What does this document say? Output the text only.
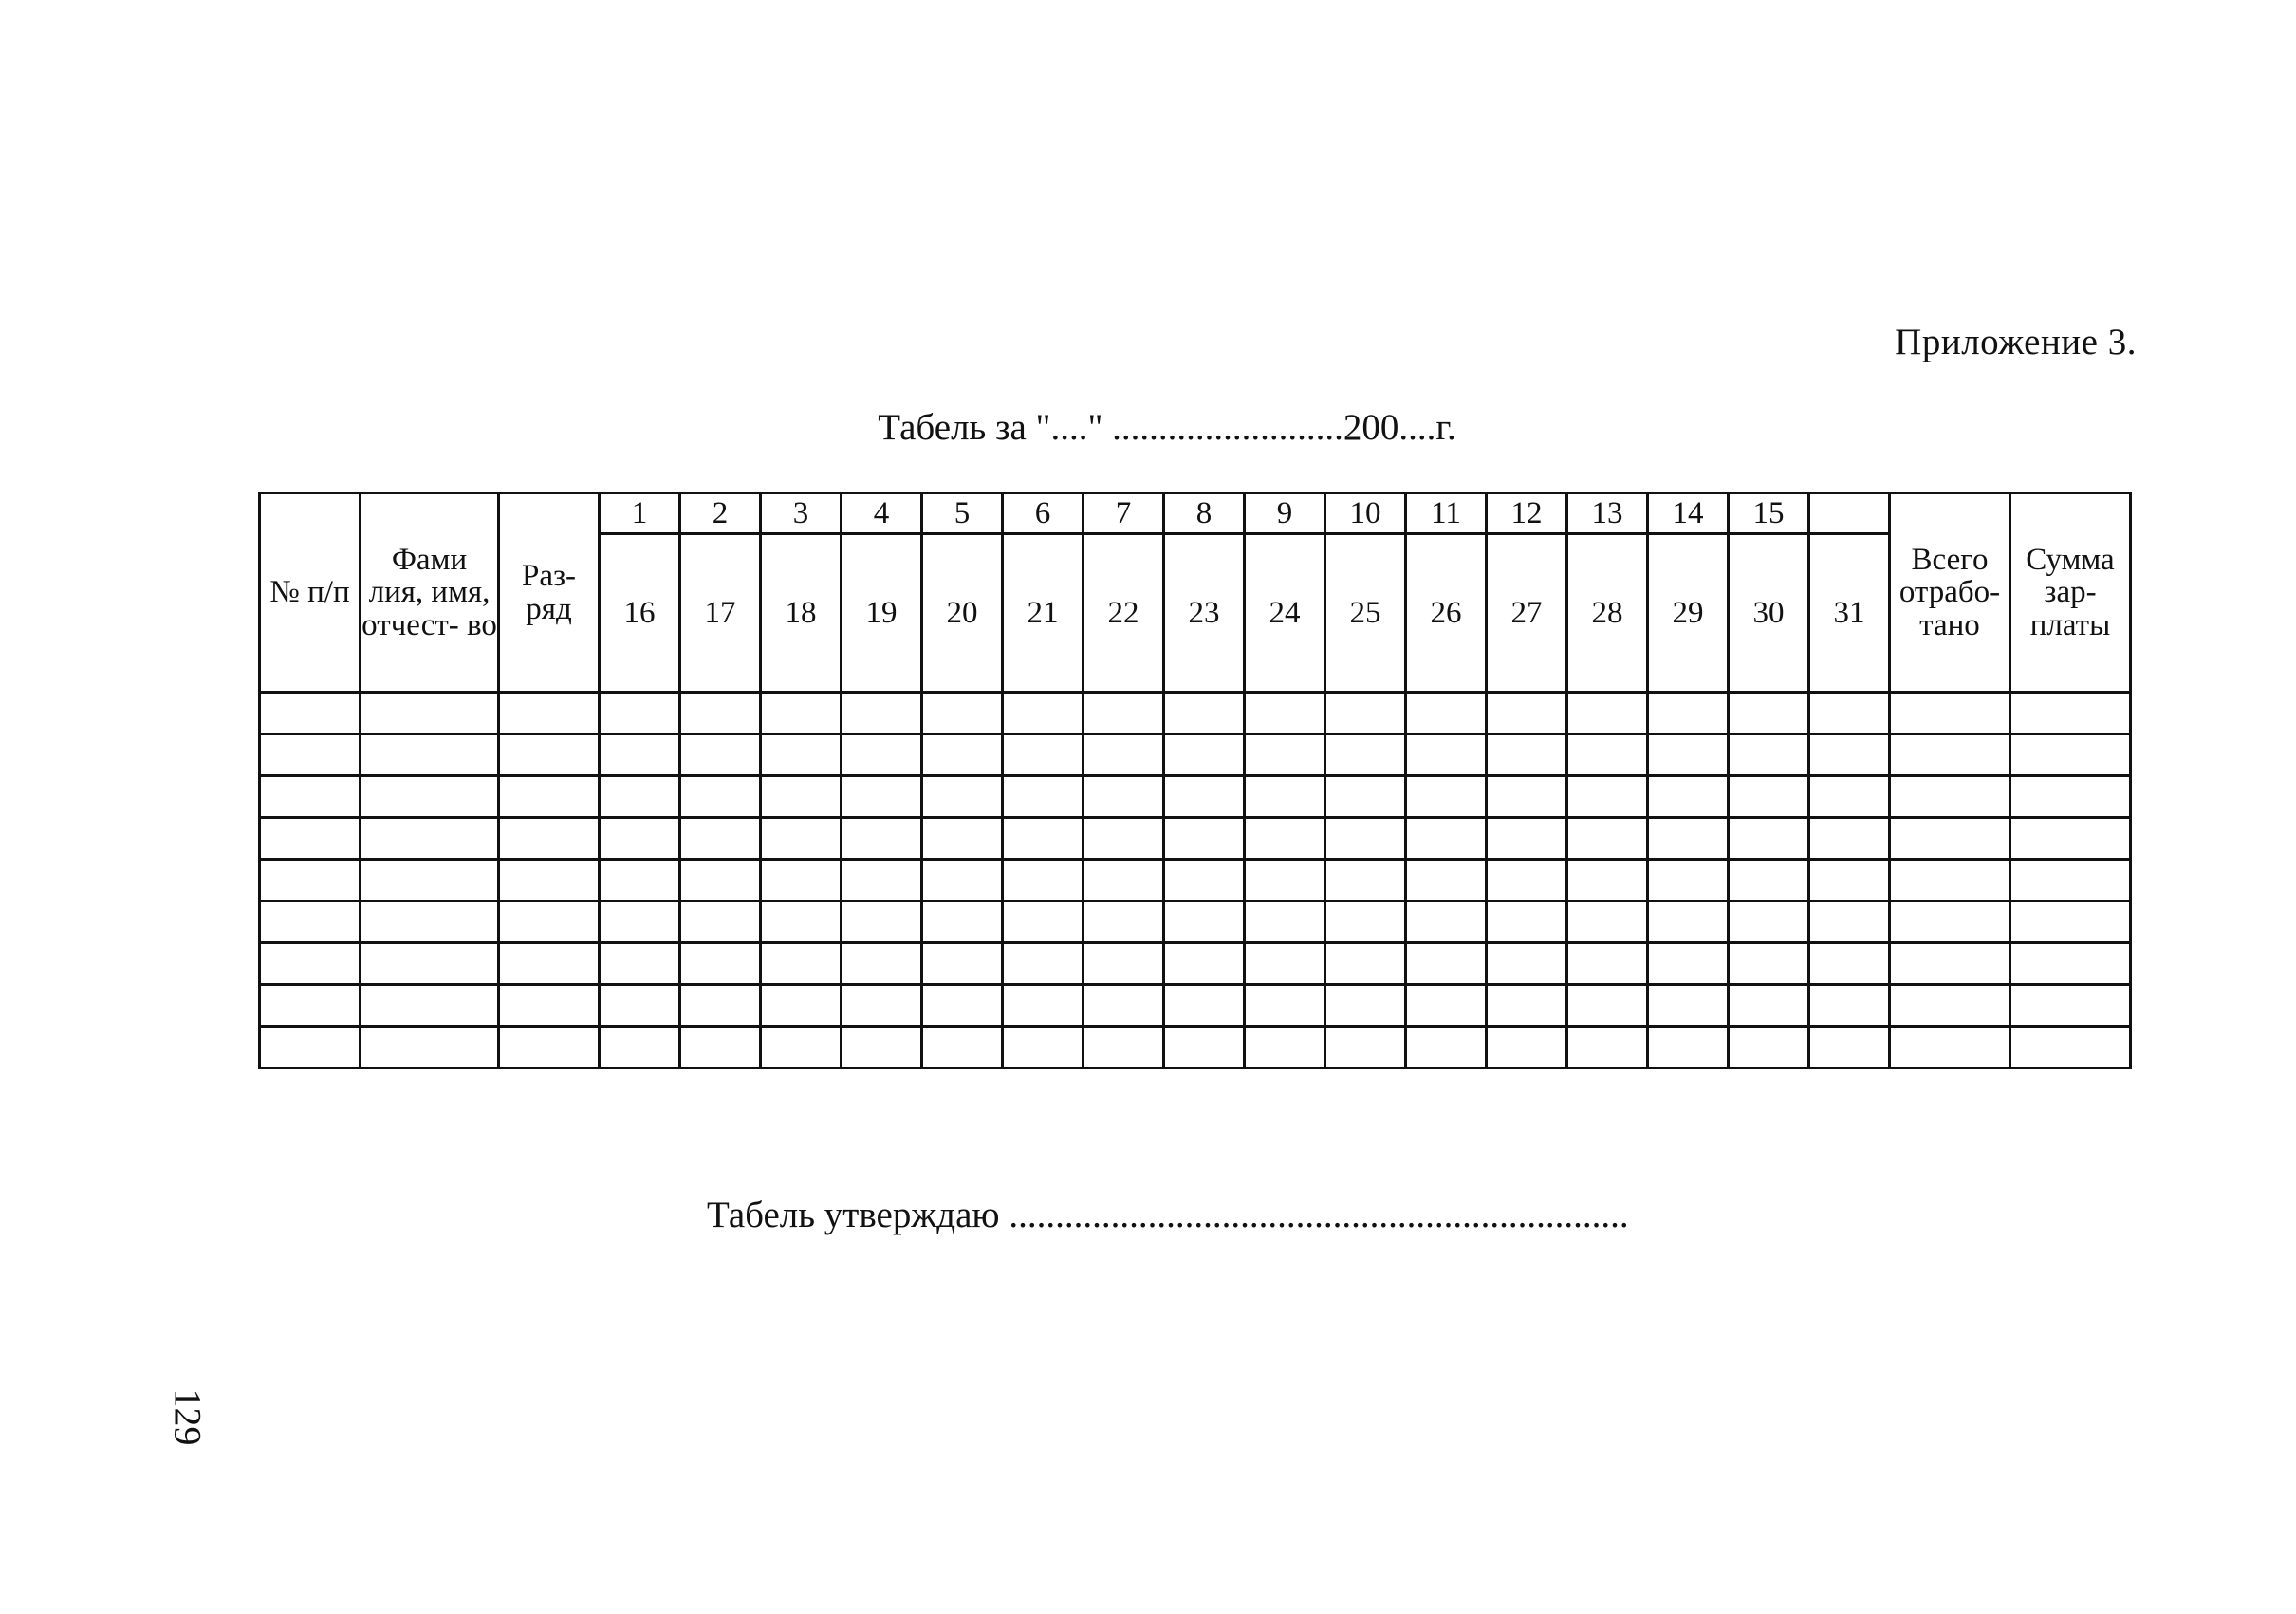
Приложение 3.
Табель за "...." .........................200....г.
№ п/п	Фами лия, имя, отчест- во	Раз- ряд	1	2	3	4	5	6	7	8	9	10	11	12	13	14	15		Всего отрабо- тано	Сумма зар- платы
			16	17	18	19	20	21	22	23	24	25	26	27	28	29	30	31		

Табель утверждаю ...................................................................
129
